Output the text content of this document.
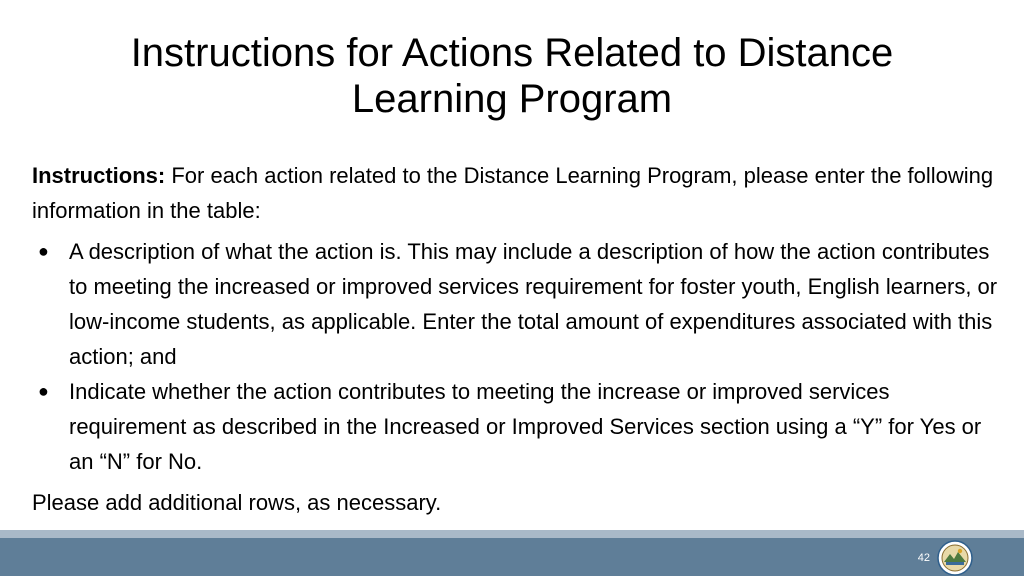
Instructions for Actions Related to Distance
Learning Program

Instructions: For each action related to the Distance Learning Program, please enter the following information in the table:

● A description of what the action is. This may include a description of how the action contributes to meeting the increased or improved services requirement for foster youth, English learners, or low-income students, as applicable. Enter the total amount of expenditures associated with this action; and
● Indicate whether the action contributes to meeting the increase or improved services requirement as described in the Increased or Improved Services section using a “Y” for Yes or an “N” for No.

Please add additional rows, as necessary.

42
